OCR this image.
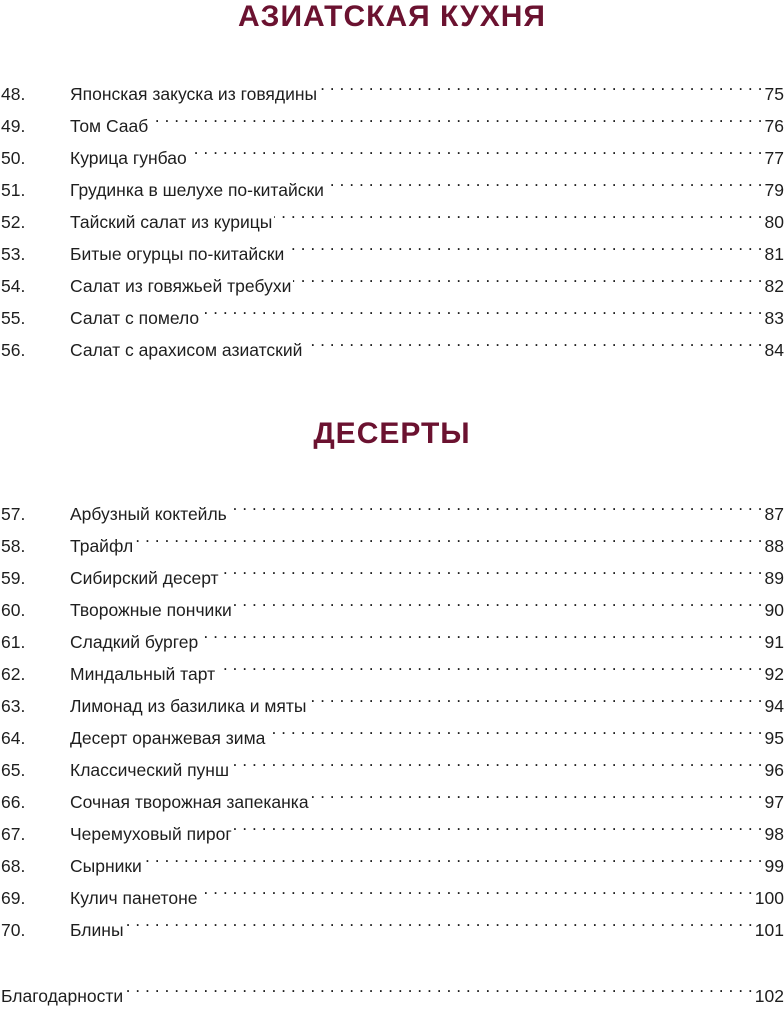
АЗИАТСКАЯ КУХНЯ
48.	Японская закуска из говядины . . .	75
49.	Том Сааб . . .	76
50.	Курица гунбао . . .	77
51.	Грудинка в шелухе по-китайски . . .	79
52.	Тайский салат из курицы . . .	80
53.	Битые огурцы по-китайски . . .	81
54.	Салат из говяжьей требухи . . .	82
55.	Салат с помело . . .	83
56.	Салат с арахисом азиатский . . .	84
ДЕСЕРТЫ
57.	Арбузный коктейль . . .	87
58.	Трайфл . . .	88
59.	Сибирский десерт . . .	89
60.	Творожные пончики . . .	90
61.	Сладкий бургер . . .	91
62.	Миндальный тарт . . .	92
63.	Лимонад из базилика и мяты . . .	94
64.	Десерт оранжевая зима . . .	95
65.	Классический пунш . . .	96
66.	Сочная творожная запеканка . . .	97
67.	Черемуховый пирог . . .	98
68.	Сырники . . .	99
69.	Кулич панетоне . . .	100
70.	Блины . . .	101
Благодарности . . .	102
